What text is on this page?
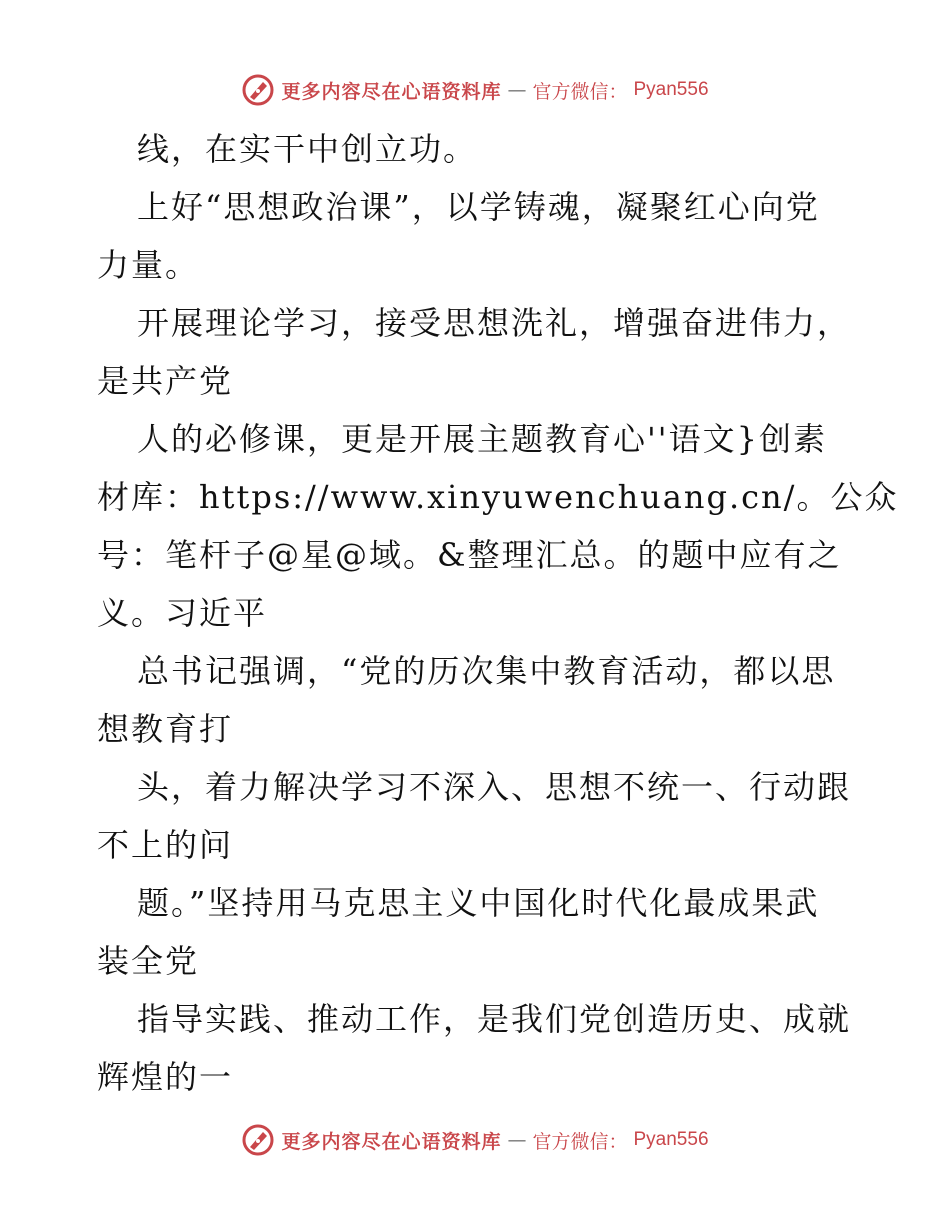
更多内容尽在心语资料库 — 官方微信： Pyan556
线，在实干中创立功。
上好“思想政治课”，以学铸魂，凝聚红心向党
力量。
开展理论学习，接受思想洗礼，增强奋进伟力，
是共产党
人的必修课，更是开展主题教育心''语文}创素
材库：https://www.xinyuwenchuang.cn/。公众
号：笔杆子@星@域。&整理汇总。的题中应有之
义。习近平
总书记强调，“党的历次集中教育活动，都以思
想教育打
头，着力解决学习不深入、思想不统一、行动跟
不上的问
题。”坚持用马克思主义中国化时代化最成果武
装全党
指导实践、推动工作，是我们党创造历史、成就
辉煌的一
更多内容尽在心语资料库 — 官方微信： Pyan556
